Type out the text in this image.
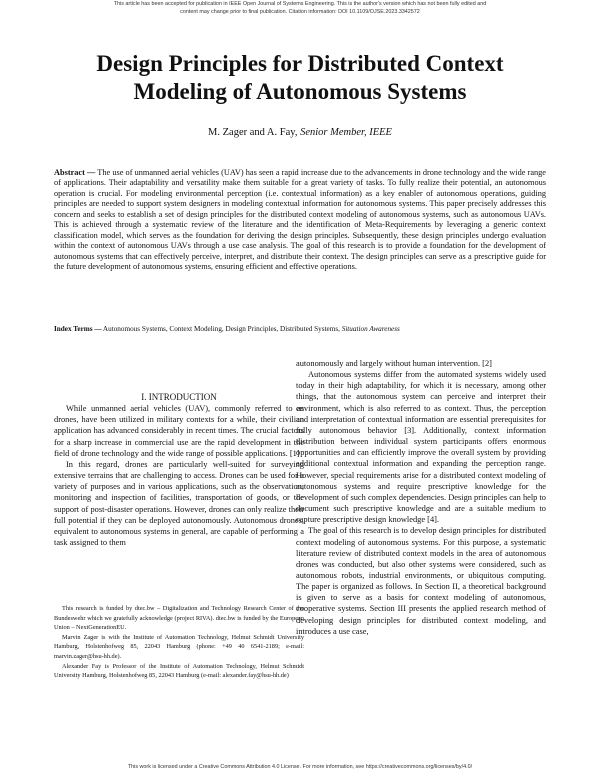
This article has been accepted for publication in IEEE Open Journal of Systems Engineering. This is the author's version which has not been fully edited and
content may change prior to final publication. Citation information: DOI 10.1109/OJSE.2023.3342572
Design Principles for Distributed Context
Modeling of Autonomous Systems
M. Zager and A. Fay, Senior Member, IEEE
Abstract — The use of unmanned aerial vehicles (UAV) has seen a rapid increase due to the advancements in drone technology and the wide range of applications. Their adaptability and versatility make them suitable for a great variety of tasks. To fully realize their potential, an autonomous operation is crucial. For modeling environmental perception (i.e. contextual information) as a key enabler of autonomous operations, guiding principles are needed to support system designers in modeling contextual information for autonomous systems. This paper precisely addresses this concern and seeks to establish a set of design principles for the distributed context modeling of autonomous systems, such as autonomous UAVs. This is achieved through a systematic review of the literature and the identification of Meta-Requirements by leveraging a generic context classification model, which serves as the foundation for deriving the design principles. Subsequently, these design principles undergo evaluation within the context of autonomous UAVs through a use case analysis. The goal of this research is to provide a foundation for the development of autonomous systems that can effectively perceive, interpret, and distribute their context. The design principles can serve as a prescriptive guide for the future development of autonomous systems, ensuring efficient and effective operations.
Index Terms — Autonomous Systems, Context Modeling, Design Principles, Distributed Systems, Situation Awareness

autonomously and largely without human intervention. [2]

Autonomous systems differ from the automated systems widely used today in their high adaptability, for which it is necessary, among other things, that the autonomous system can perceive and interpret their environment, which is also referred to as context. Thus, the perception and interpretation of contextual information are essential prerequisites for fully autonomous behavior [3]. Additionally, context information distribution between individual system participants offers enormous opportunities and can efficiently improve the overall system by providing additional contextual information and expanding the perception range. However, special requirements arise for a distributed context modeling of autonomous systems and require prescriptive knowledge for the development of such complex dependencies. Design principles can help to document such prescriptive knowledge and are a suitable medium to capture prescriptive design knowledge [4].

The goal of this research is to develop design principles for distributed context modeling of autonomous systems. For this purpose, a systematic literature review of distributed context models in the area of autonomous drones was conducted, but also other systems were considered, such as autonomous robots, industrial environments, or ubiquitous computing. The paper is organized as follows. In Section II, a theoretical background is given to serve as a basis for context modeling of autonomous, cooperative systems. Section III presents the applied research method of developing design principles for distributed context modeling, and introduces a use case,

I. INTRODUCTION

While unmanned aerial vehicles (UAV), commonly referred to as drones, have been utilized in military contexts for a while, their civilian application has advanced considerably in recent times. The crucial factors for a sharp increase in commercial use are the rapid development in the field of drone technology and the wide range of possible applications. [1]

In this regard, drones are particularly well-suited for surveying extensive terrains that are challenging to access. Drones can be used for a variety of purposes and in various applications, such as the observation, monitoring and inspection of facilities, transportation of goods, or the support of post-disaster operations. However, drones can only realize their full potential if they can be deployed autonomously. Autonomous drones, equivalent to autonomous systems in general, are capable of performing a task assigned to them

This research is funded by dtec.bw – Digitalization and Technology Research Center of the Bundeswehr which we gratefully acknowledge (project RIVA). dtec.bw is funded by the European Union – NextGenerationEU.

Marvin Zager is with the Institute of Automation Technology, Helmut Schmidt University Hamburg, Holstenhofweg 85, 22043 Hamburg (phone: +49 40 6541-2189; e-mail: marvin.zager@hsu-hh.de).

Alexander Fay is Professor of the Institute of Automation Technology, Helmut Schmidt University Hamburg, Holstenhofweg 85, 22043 Hamburg (e-mail: alexander.fay@hsu-hh.de)

This work is licensed under a Creative Commons Attribution 4.0 License. For more information, see https://creativecommons.org/licenses/by/4.0/
